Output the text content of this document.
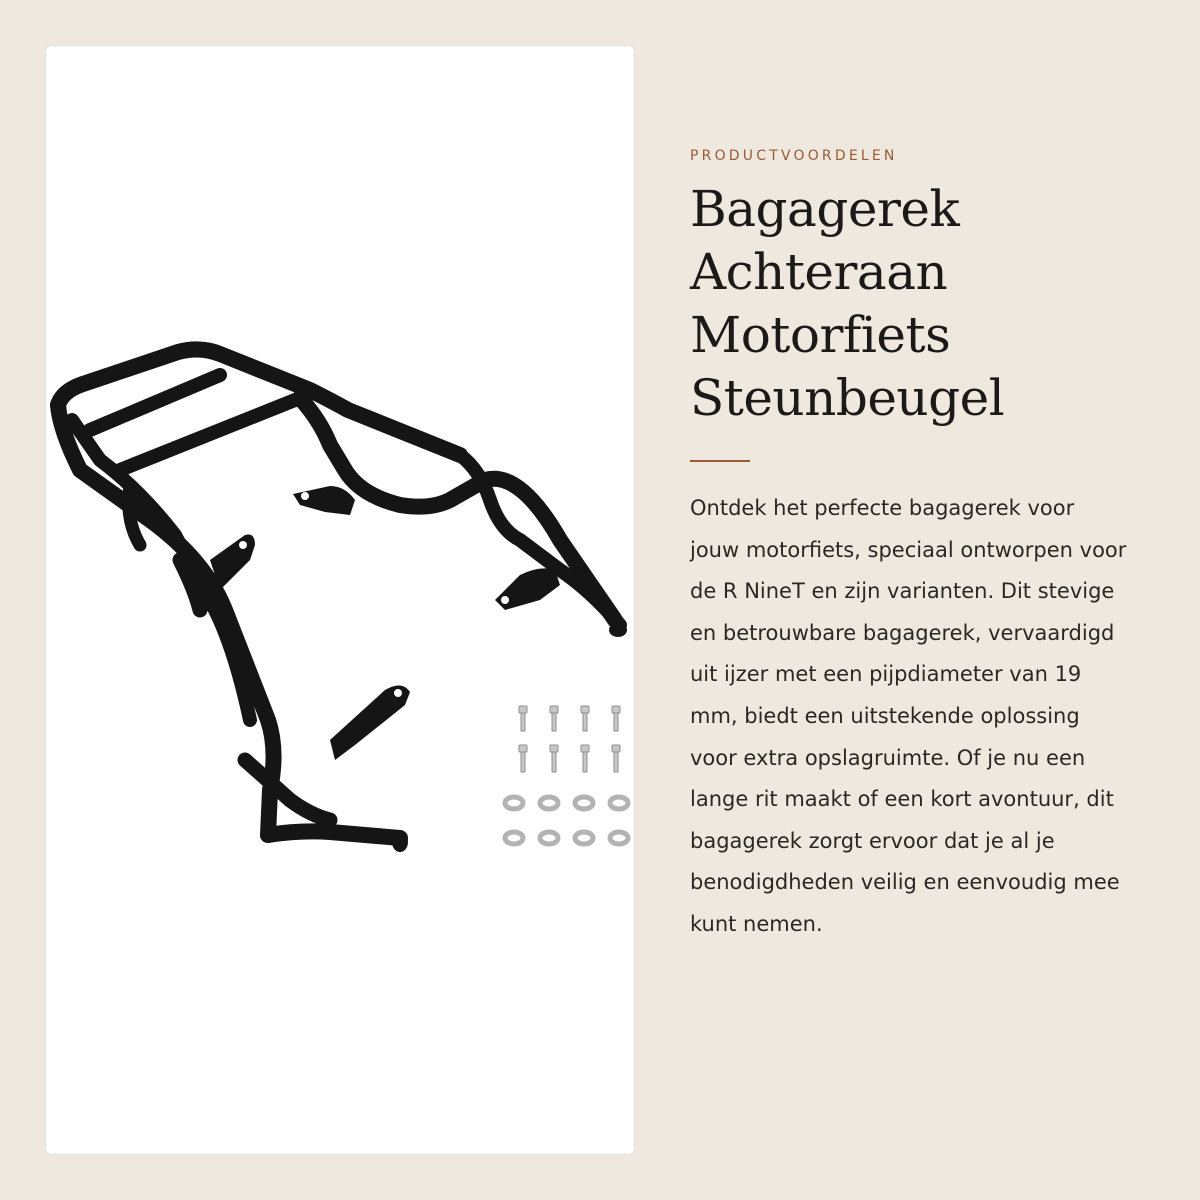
PRODUCTVOORDELEN

Bagagerek
Achteraan
Motorfiets
Steunbeugel

Ontdek het perfecte bagagerek voor jouw motorfiets, speciaal ontworpen voor de R NineT en zijn varianten. Dit stevige en betrouwbare bagagerek, vervaardigd uit ijzer met een pijpdiameter van 19 mm, biedt een uitstekende oplossing voor extra opslagruimte. Of je nu een lange rit maakt of een kort avontuur, dit bagagerek zorgt ervoor dat je al je benodigdheden veilig en eenvoudig mee kunt nemen.
